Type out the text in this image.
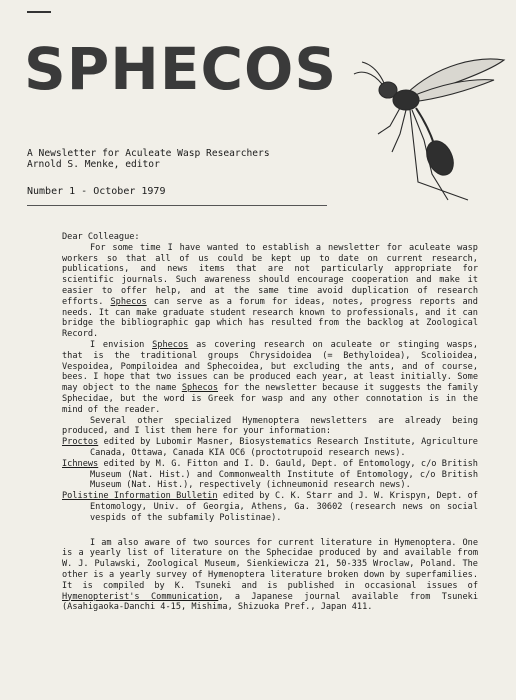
SPHECOS
A Newsletter for Aculeate Wasp Researchers
Arnold S. Menke, editor
Number 1 - October 1979

Dear Colleague:

For some time I have wanted to establish a newsletter for aculeate wasp workers so that all of us could be kept up to date on current research, publications, and news items that are not particularly appropriate for scientific journals. Such awareness should encourage cooperation and make it easier to offer help, and at the same time avoid duplication of research efforts. Sphecos can serve as a forum for ideas, notes, progress reports and needs. It can make graduate student research known to professionals, and it can bridge the bibliographic gap which has resulted from the backlog at Zoological Record.

I envision Sphecos as covering research on aculeate or stinging wasps, that is the traditional groups Chrysidoidea (= Bethyloidea), Scolioidea, Vespoidea, Pompiloidea and Sphecoidea, but excluding the ants, and of course, bees. I hope that two issues can be produced each year, at least initially. Some may object to the name Sphecos for the newsletter because it suggests the family Sphecidae, but the word is Greek for wasp and any other connotation is in the mind of the reader.

Several other specialized Hymenoptera newsletters are already being produced, and I list them here for your information:

Proctos edited by Lubomir Masner, Biosystematics Research Institute, Agriculture Canada, Ottawa, Canada KIA OC6 (proctotrupoid research news).

Ichnews edited by M. G. Fitton and I. D. Gauld, Dept. of Entomology, c/o British Museum (Nat. Hist.) and Commonwealth Institute of Entomology, c/o British Museum (Nat. Hist.), respectively (ichneumonid research news).

Polistine Information Bulletin edited by C. K. Starr and J. W. Krispyn, Dept. of Entomology, Univ. of Georgia, Athens, Ga. 30602 (research news on social vespids of the subfamily Polistinae).

I am also aware of two sources for current literature in Hymenoptera. One is a yearly list of literature on the Sphecidae produced by and available from W. J. Pulawski, Zoological Museum, Sienkiewicza 21, 50-335 Wroclaw, Poland. The other is a yearly survey of Hymenoptera literature broken down by superfamilies. It is compiled by K. Tsuneki and is published in occasional issues of Hymenopterist's Communication, a Japanese journal available from Tsuneki (Asahigaoka-Danchi 4-15, Mishima, Shizuoka Pref., Japan 411.
